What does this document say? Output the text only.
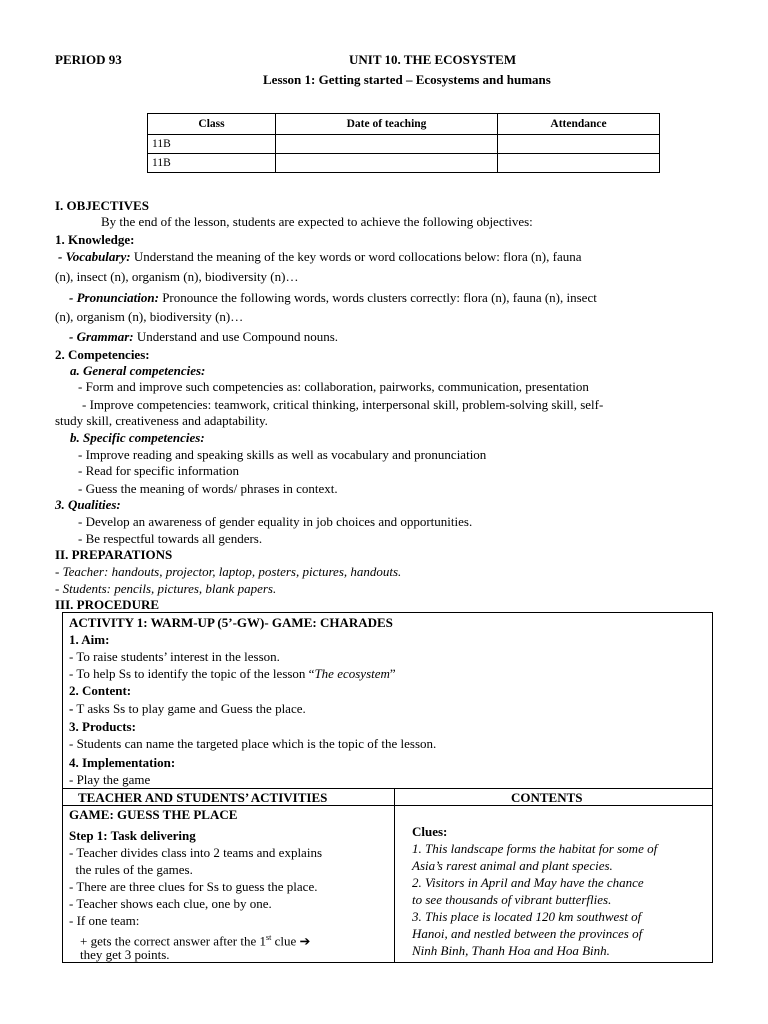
PERIOD 93	UNIT 10. THE ECOSYSTEM
Lesson 1: Getting started – Ecosystems and humans
Class	Date of teaching	Attendance
11B		
11B		
I. OBJECTIVES
By the end of the lesson, students are expected to achieve the following objectives:
1. Knowledge:
- Vocabulary: Understand the meaning of the key words or word collocations below: flora (n), fauna
(n), insect (n), organism (n), biodiversity (n)…
- Pronunciation: Pronounce the following words, words clusters correctly: flora (n), fauna (n), insect
(n), organism (n), biodiversity (n)…
- Grammar: Understand and use Compound nouns.
2. Competencies:
a. General competencies:
- Form and improve such competencies as: collaboration, pairworks, communication, presentation
- Improve competencies: teamwork, critical thinking, interpersonal skill, problem-solving skill, self-
study skill, creativeness and adaptability.
b. Specific competencies:
- Improve reading and speaking skills as well as vocabulary and pronunciation
- Read for specific information
- Guess the meaning of words/ phrases in context.
3. Qualities:
- Develop an awareness of gender equality in job choices and opportunities.
- Be respectful towards all genders.
II. PREPARATIONS
- Teacher: handouts, projector, laptop, posters, pictures, handouts.
- Students: pencils, pictures, blank papers.
III. PROCEDURE
ACTIVITY 1: WARM-UP (5’-GW)- GAME: CHARADES
1. Aim:
- To raise students’ interest in the lesson.
- To help Ss to identify the topic of the lesson “The ecosystem”
2. Content:
- T asks Ss to play game and Guess the place.
3. Products:
- Students can name the targeted place which is the topic of the lesson.
4. Implementation:
- Play the game
TEACHER AND STUDENTS’ ACTIVITIES	CONTENTS
GAME: GUESS THE PLACE
Step 1: Task delivering
- Teacher divides class into 2 teams and explains
the rules of the games.
- There are three clues for Ss to guess the place.
- Teacher shows each clue, one by one.
- If one team:
+ gets the correct answer after the 1st clue ➔
they get 3 points.
Clues:
1. This landscape forms the habitat for some of
Asia’s rarest animal and plant species.
2. Visitors in April and May have the chance
to see thousands of vibrant butterflies.
3. This place is located 120 km southwest of
Hanoi, and nestled between the provinces of
Ninh Binh, Thanh Hoa and Hoa Binh.
